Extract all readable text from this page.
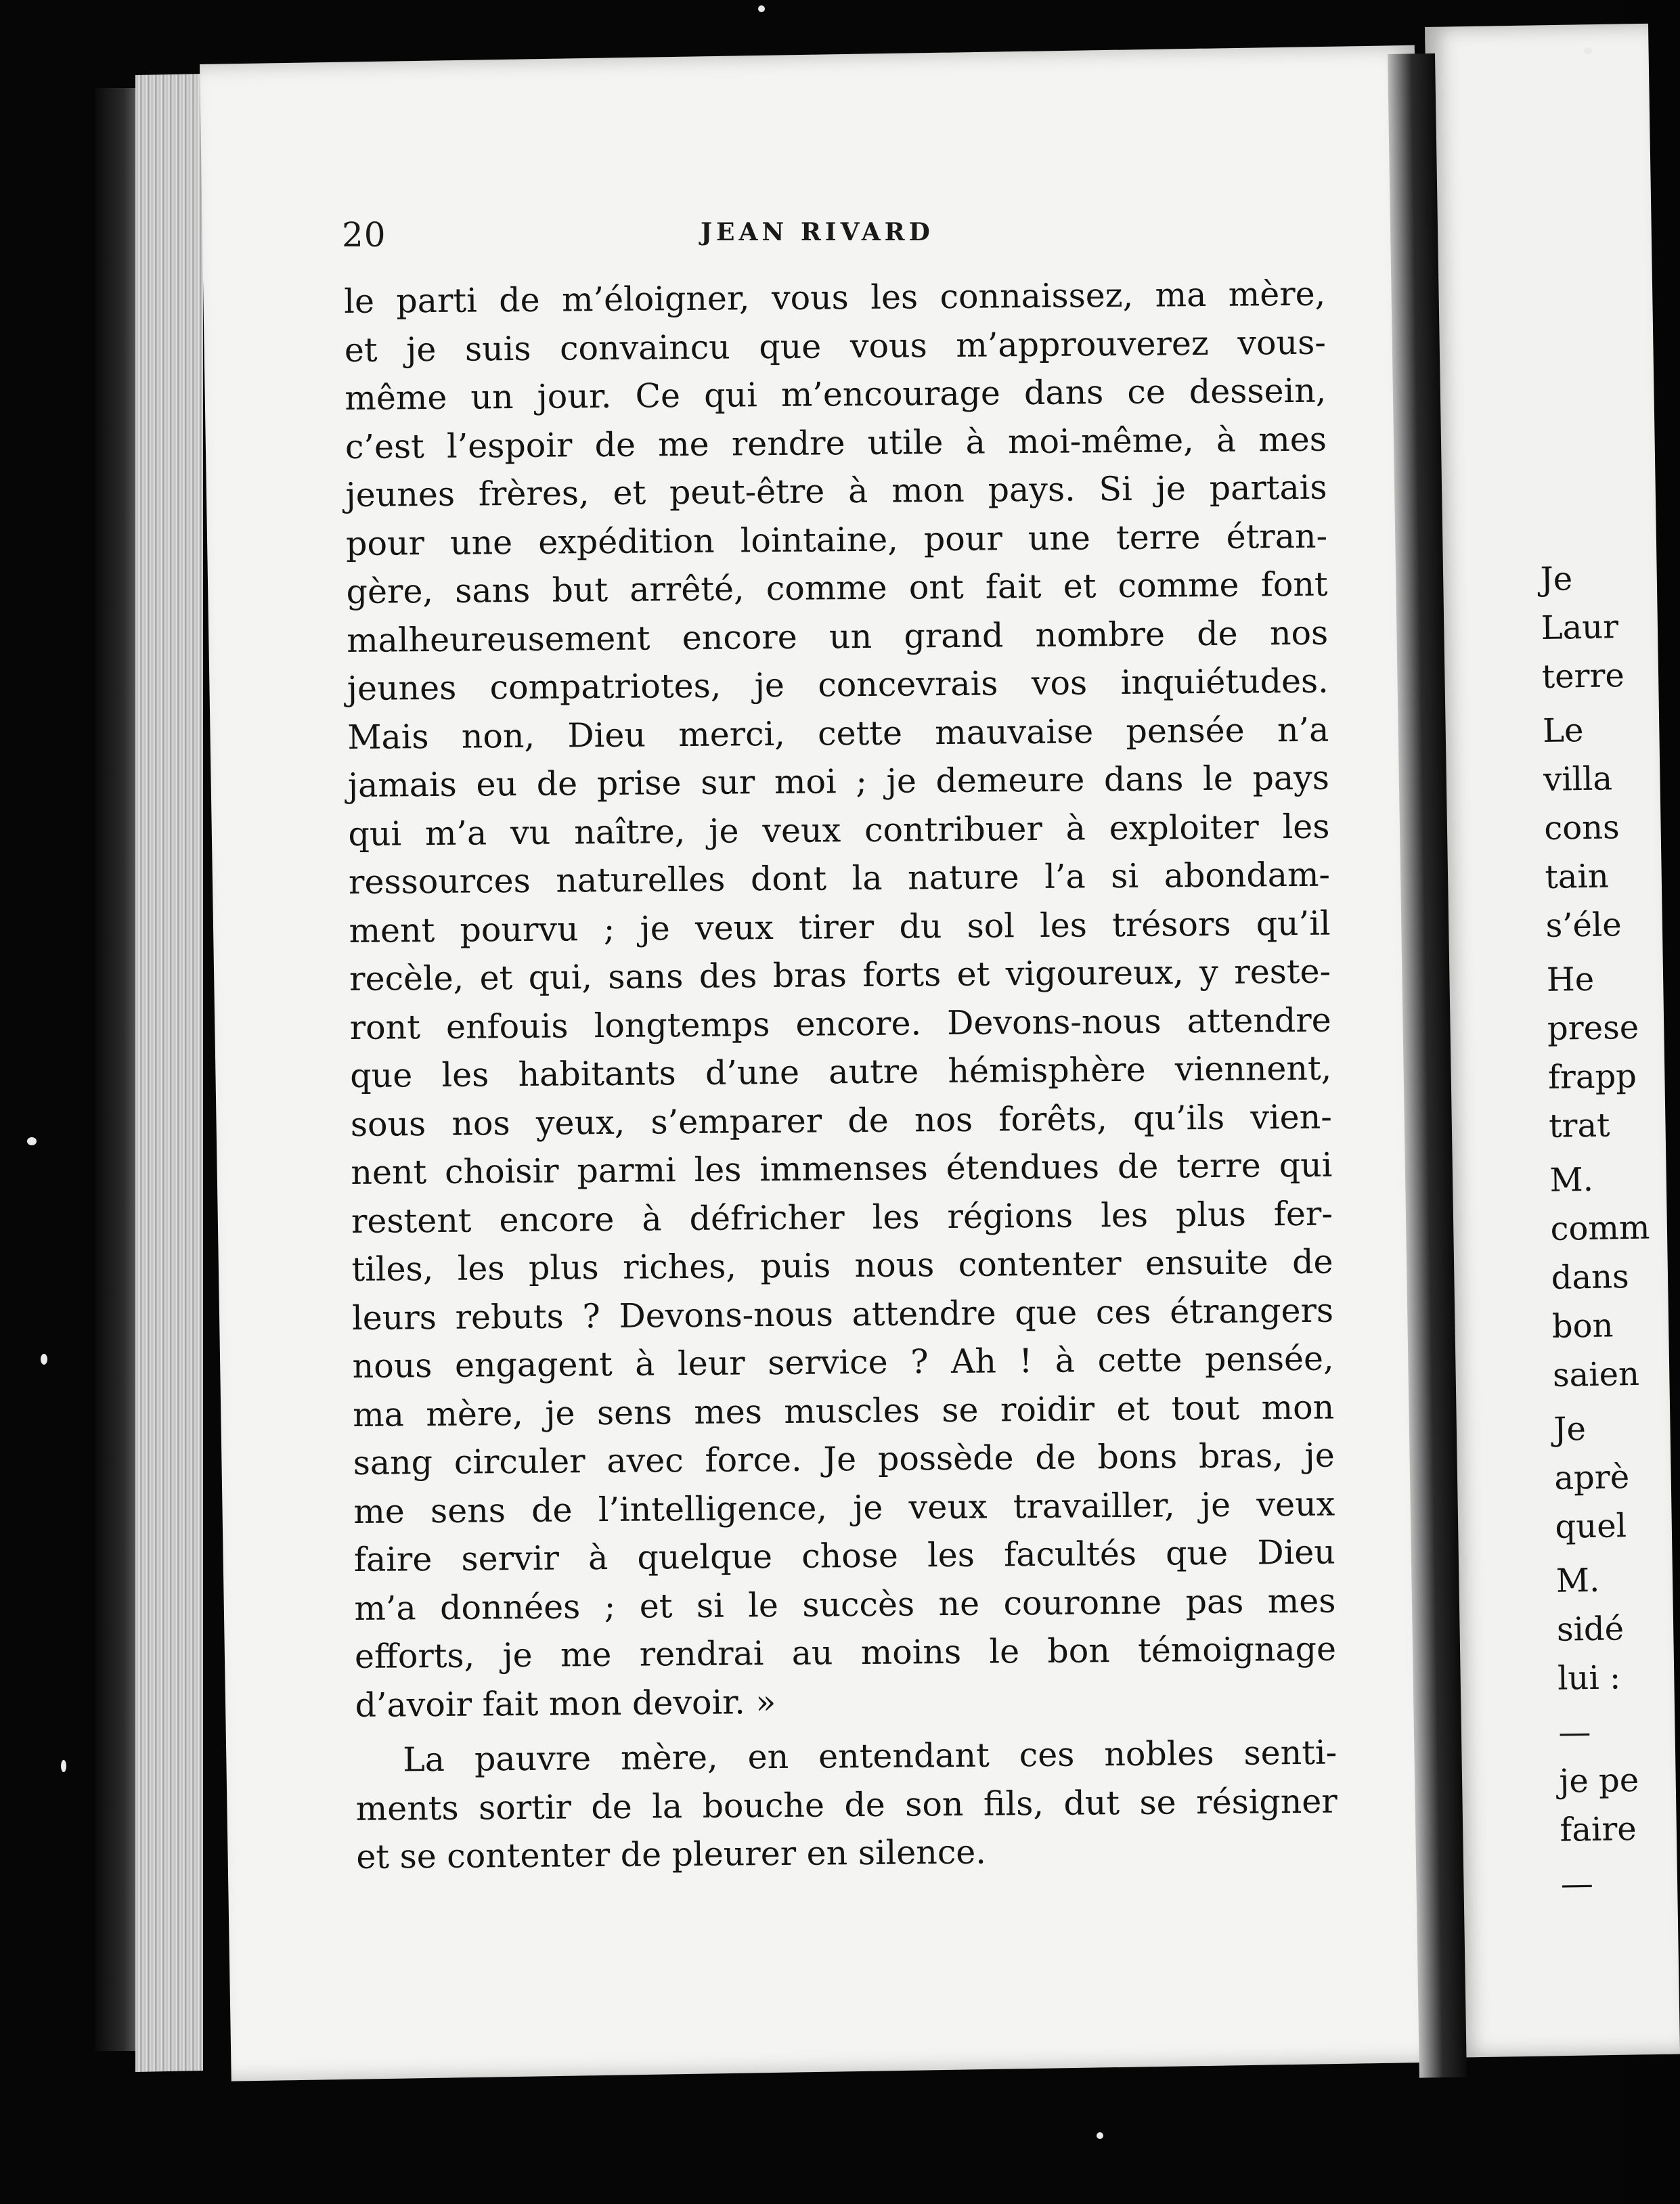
20	JEAN RIVARD
le parti de m’éloigner, vous les connaissez, ma mère,
et je suis convaincu que vous m’approuverez vous-
même un jour. Ce qui m’encourage dans ce dessein,
c’est l’espoir de me rendre utile à moi-même, à mes
jeunes frères, et peut-être à mon pays. Si je partais
pour une expédition lointaine, pour une terre étran-
gère, sans but arrêté, comme ont fait et comme font
malheureusement encore un grand nombre de nos
jeunes compatriotes, je concevrais vos inquiétudes.
Mais non, Dieu merci, cette mauvaise pensée n’a
jamais eu de prise sur moi ; je demeure dans le pays
qui m’a vu naître, je veux contribuer à exploiter les
ressources naturelles dont la nature l’a si abondam-
ment pourvu ; je veux tirer du sol les trésors qu’il
recèle, et qui, sans des bras forts et vigoureux, y reste-
ront enfouis longtemps encore. Devons-nous attendre
que les habitants d’une autre hémisphère viennent,
sous nos yeux, s’emparer de nos forêts, qu’ils vien-
nent choisir parmi les immenses étendues de terre qui
restent encore à défricher les régions les plus fer-
tiles, les plus riches, puis nous contenter ensuite de
leurs rebuts ? Devons-nous attendre que ces étrangers
nous engagent à leur service ? Ah ! à cette pensée,
ma mère, je sens mes muscles se roidir et tout mon
sang circuler avec force. Je possède de bons bras, je
me sens de l’intelligence, je veux travailler, je veux
faire servir à quelque chose les facultés que Dieu
m’a données ; et si le succès ne couronne pas mes
efforts, je me rendrai au moins le bon témoignage
d’avoir fait mon devoir. »
La pauvre mère, en entendant ces nobles senti-
ments sortir de la bouche de son fils, dut se résigner
et se contenter de pleurer en silence.
Je
Laur
terre
Le
villa
cons
tain
s’éle
He
prese
frapp
trat
M.
comm
dans
bon
saien
Je
aprè
quel
M.
sidé
lui :
—
je pe
faire
—
